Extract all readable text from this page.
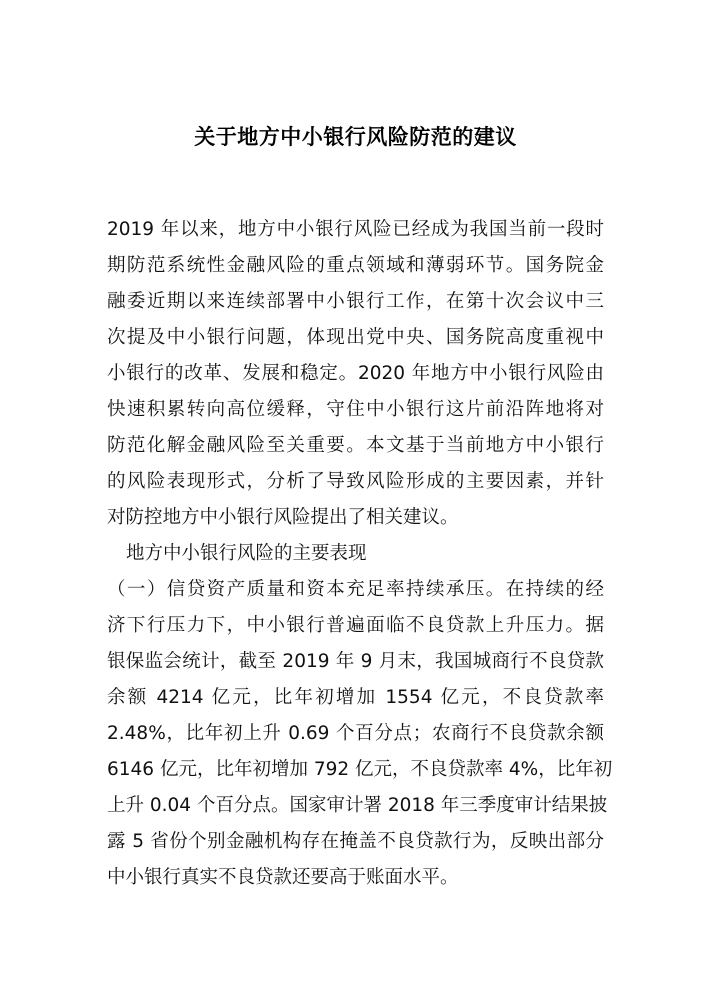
关于地方中小银行风险防范的建议
2019 年以来，地方中小银行风险已经成为我国当前一段时
期防范系统性金融风险的重点领域和薄弱环节。国务院金
融委近期以来连续部署中小银行工作，在第十次会议中三
次提及中小银行问题，体现出党中央、国务院高度重视中
小银行的改革、发展和稳定。2020 年地方中小银行风险由
快速积累转向高位缓释，守住中小银行这片前沿阵地将对
防范化解金融风险至关重要。本文基于当前地方中小银行
的风险表现形式，分析了导致风险形成的主要因素，并针
对防控地方中小银行风险提出了相关建议。
地方中小银行风险的主要表现
（一）信贷资产质量和资本充足率持续承压。在持续的经
济下行压力下，中小银行普遍面临不良贷款上升压力。据
银保监会统计，截至 2019 年 9 月末，我国城商行不良贷款
余额 4214 亿元，比年初增加 1554 亿元，不良贷款率
2.48%，比年初上升 0.69 个百分点；农商行不良贷款余额
6146 亿元，比年初增加 792 亿元，不良贷款率 4%，比年初
上升 0.04 个百分点。国家审计署 2018 年三季度审计结果披
露 5 省份个别金融机构存在掩盖不良贷款行为，反映出部分
中小银行真实不良贷款还要高于账面水平。
